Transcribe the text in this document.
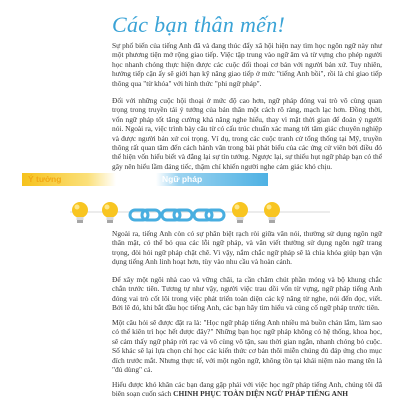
Các bạn thân mến!

Sự phổ biến của tiếng Anh đã và đang thúc đẩy xã hội hiện nay tìm học ngôn ngữ này như một phương tiện mở rộng giao tiếp. Việc tập trung vào ngữ âm và từ vựng cho phép người học nhanh chóng thực hiện được các cuộc đối thoại cơ bản với người bản xứ. Tuy nhiên, hướng tiếp cận ấy sẽ giới hạn kỹ năng giao tiếp ở mức "tiếng Anh bồi", rồi là chỉ giao tiếp thông qua "từ khóa" với hình thức "phi ngữ pháp".

Đối với những cuộc hội thoại ở mức độ cao hơn, ngữ pháp đóng vai trò vô cùng quan trọng trong truyền tải ý tưởng của bản thân một cách rõ ràng, mạch lạc hơn. Đồng thời, vốn ngữ pháp tốt tăng cường khả năng nghe hiểu, thay vì mặt thời gian để đoán ý người nói. Ngoài ra, việc trình bày câu từ có cấu trúc chuẩn xác mang tới tâm giác chuyên nghiệp và được người bản xứ coi trọng. Ví dụ, trong các cuộc tranh cử tổng thống tại Mỹ, truyền thông rất quan tâm đến cách hành văn trong bài phát biểu của các ứng cử viên bởi điều đó thể hiện vốn hiểu biết và đẳng lại sự tín tưởng. Ngược lại, sự thiếu hụt ngữ pháp bạn có thể gây nên hiểu lầm đáng tiếc, thậm chí khiến người nghe cảm giác khó chịu.

Ý tưởng	Ngữ pháp

Ngoài ra, tiếng Anh còn có sự phân biệt rạch ròi giữa văn nói, thường sử dụng ngôn ngữ thân mật, có thể bỏ qua các lỗi ngữ pháp, và văn viết thường sử dụng ngôn ngữ trang trọng, đòi hỏi ngữ pháp chặt chẽ. Vì vậy, nắm chắc ngữ pháp sẽ là chìa khóa giúp bạn vận dụng tiếng Anh linh hoạt hơn, tùy vào nhu cầu và hoàn cảnh.

Để xây một ngôi nhà cao và vững chãi, ta cần chăm chút phần móng và bộ khung chắc chắn trước tiên. Tương tự như vậy, người việc trau dồi vốn từ vựng, ngữ pháp tiếng Anh đóng vai trò cốt lõi trong việc phát triển toàn diện các kỹ năng từ nghe, nói đến đọc, viết. Bởi lẽ đó, khi bắt đầu học tiếng Anh, các bạn hãy tìm hiểu và củng cố ngữ pháp trước tiên.

Một câu hỏi sẽ được đặt ra là: "Học ngữ pháp tiếng Anh nhiều mà buồn chán lắm, làm sao có thể kiên trì học hết được đây?" Những bạn học ngữ pháp không có hệ thống, khoa học, sẽ cảm thấy ngữ pháp rời rạc và vô cùng vô tận, sau thời gian ngắn, nhanh chóng bỏ cuộc. Số khác sẽ lại lựa chọn chỉ học các kiến thức cơ bản thôi miễn chúng đủ đáp ứng cho mục đích trước mắt. Nhưng thực tế, với một ngôn ngữ, không tồn tại khái niệm nào mang tên là "đủ dùng" cả.

Hiểu được khó khăn các bạn đang gặp phải với việc học ngữ pháp tiếng Anh, chúng tôi đã biên soạn cuốn sách CHINH PHỤC TOÀN DIỆN NGỮ PHÁP TIẾNG ANH
